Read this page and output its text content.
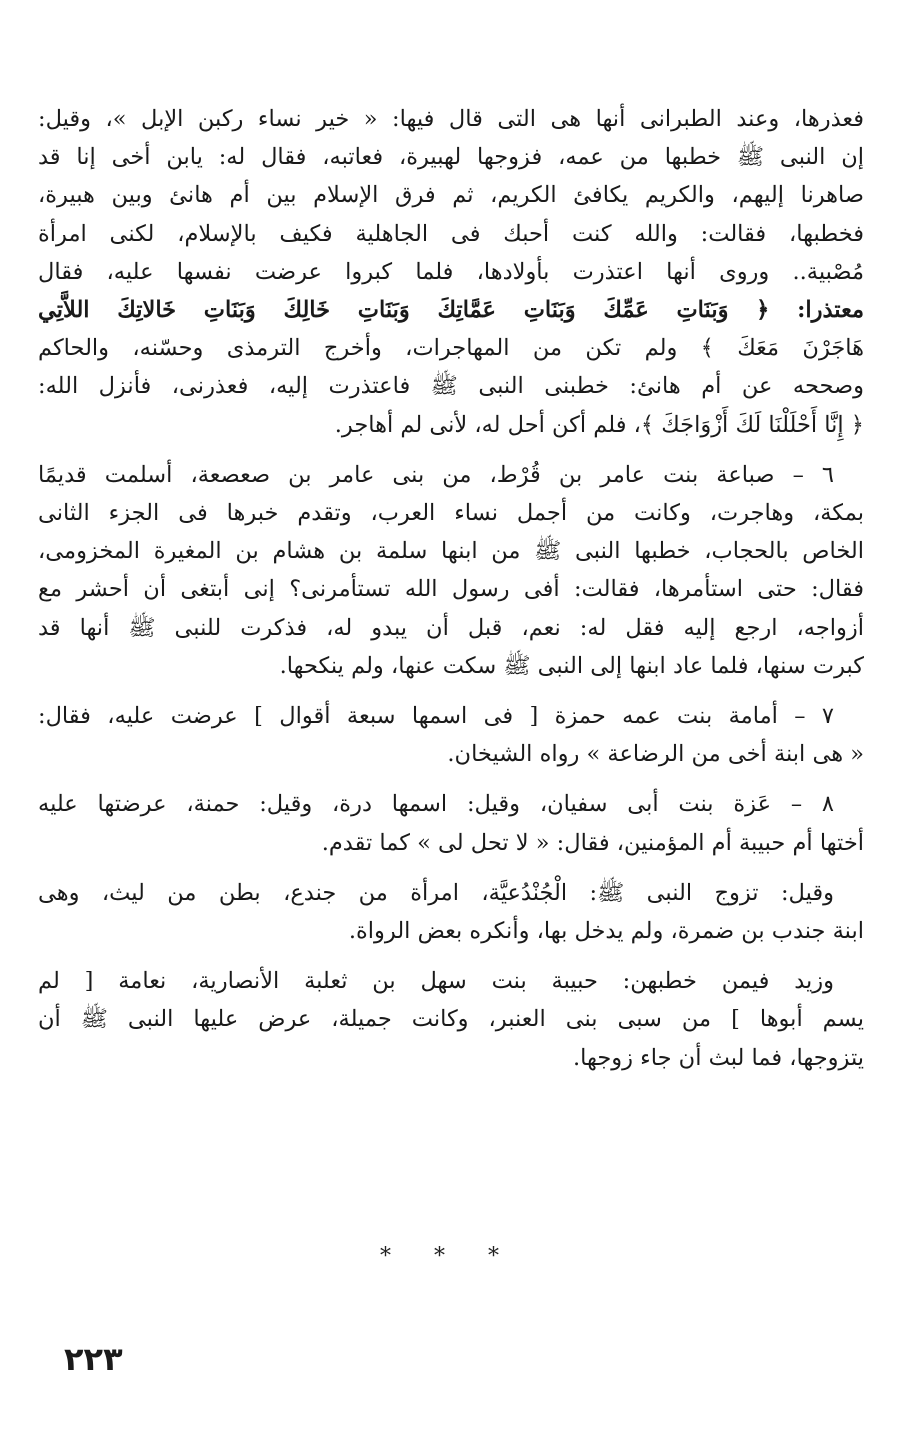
فعذرها، وعند الطبرانى أنها هى التى قال فيها: « خير نساء ركبن الإبل »، وقيل:
إن النبى ﷺ خطبها من عمه، فزوجها لهبيرة، فعاتبه، فقال له: يابن أخى إنا قد
صاهرنا إليهم، والكريم يكافئ الكريم، ثم فرق الإسلام بين أم هانئ وبين هبيرة،
فخطبها، فقالت: والله كنت أحبك فى الجاهلية فكيف بالإسلام، لكنى امرأة
مُصْبية.. وروى أنها اعتذرت بأولادها، فلما كبروا عرضت نفسها عليه، فقال
معتذرا: ﴿ وَبَنَاتِ عَمِّكَ وَبَنَاتِ عَمَّاتِكَ وَبَنَاتِ خَالِكَ وَبَنَاتِ خَالاتِكَ اللاَّتِي
هَاجَرْنَ مَعَكَ ﴾ ولم تكن من المهاجرات، وأخرج الترمذى وحسّنه، والحاكم
وصححه عن أم هانئ: خطبنى النبى ﷺ فاعتذرت إليه، فعذرنى، فأنزل الله:
﴿ إِنَّا أَحْلَلْنَا لَكَ أَزْوَاجَكَ ﴾، فلم أكن أحل له، لأنى لم أهاجر.

٦ – صباعة بنت عامر بن قُرْط، من بنى عامر بن صعصعة، أسلمت قديمًا
بمكة، وهاجرت، وكانت من أجمل نساء العرب، وتقدم خبرها فى الجزء الثانى
الخاص بالحجاب، خطبها النبى ﷺ من ابنها سلمة بن هشام بن المغيرة المخزومى،
فقال: حتى استأمرها، فقالت: أفى رسول الله تستأمرنى؟ إنى أبتغى أن أحشر مع
أزواجه، ارجع إليه فقل له: نعم، قبل أن يبدو له، فذكرت للنبى ﷺ أنها قد
كبرت سنها، فلما عاد ابنها إلى النبى ﷺ سكت عنها، ولم ينكحها.

٧ – أمامة بنت عمه حمزة [ فى اسمها سبعة أقوال ] عرضت عليه، فقال:
« هى ابنة أخى من الرضاعة » رواه الشيخان.

٨ – عَزة بنت أبى سفيان، وقيل: اسمها درة، وقيل: حمنة، عرضتها عليه
أختها أم حبيبة أم المؤمنين، فقال: « لا تحل لى » كما تقدم.

وقيل: تزوج النبى ﷺ: الْجُنْدُعيَّة، امرأة من جندع، بطن من ليث، وهى
ابنة جندب بن ضمرة، ولم يدخل بها، وأنكره بعض الرواة.

وزيد فيمن خطبهن: حبيبة بنت سهل بن ثعلبة الأنصارية، نعامة [ لم
يسم أبوها ] من سبى بنى العنبر، وكانت جميلة، عرض عليها النبى ﷺ أن
يتزوجها، فما لبث أن جاء زوجها.

* * *
٢٢٣
